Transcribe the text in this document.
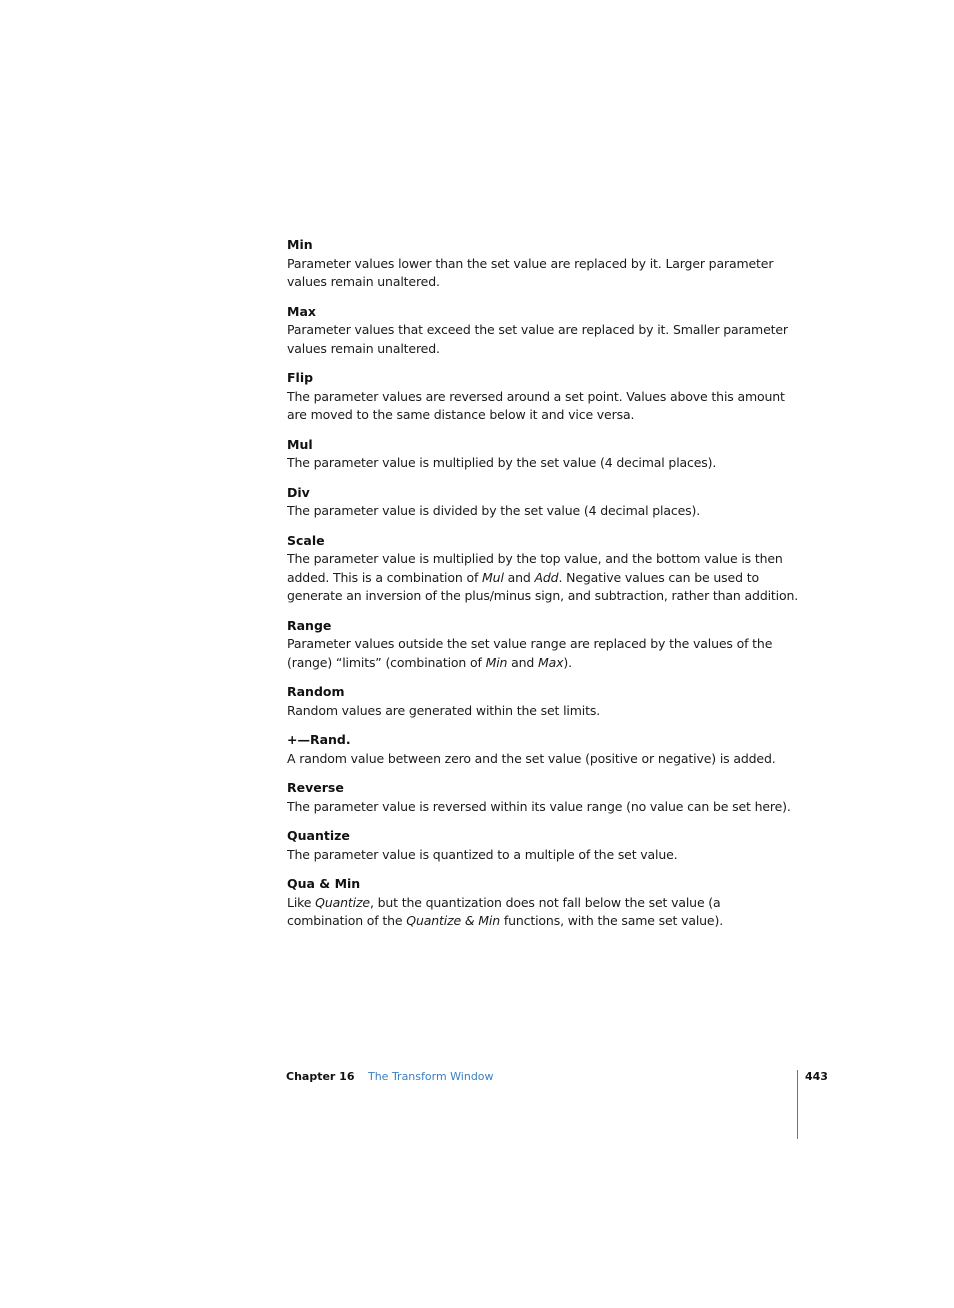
Min
Parameter values lower than the set value are replaced by it. Larger parameter values remain unaltered.
Max
Parameter values that exceed the set value are replaced by it. Smaller parameter values remain unaltered.
Flip
The parameter values are reversed around a set point. Values above this amount are moved to the same distance below it and vice versa.
Mul
The parameter value is multiplied by the set value (4 decimal places).
Div
The parameter value is divided by the set value (4 decimal places).
Scale
The parameter value is multiplied by the top value, and the bottom value is then added. This is a combination of Mul and Add. Negative values can be used to generate an inversion of the plus/minus sign, and subtraction, rather than addition.
Range
Parameter values outside the set value range are replaced by the values of the (range) “limits” (combination of Min and Max).
Random
Random values are generated within the set limits.
+—Rand.
A random value between zero and the set value (positive or negative) is added.
Reverse
The parameter value is reversed within its value range (no value can be set here).
Quantize
The parameter value is quantized to a multiple of the set value.
Qua & Min
Like Quantize, but the quantization does not fall below the set value (a combination of the Quantize & Min functions, with the same set value).
Chapter 16 The Transform Window	443
